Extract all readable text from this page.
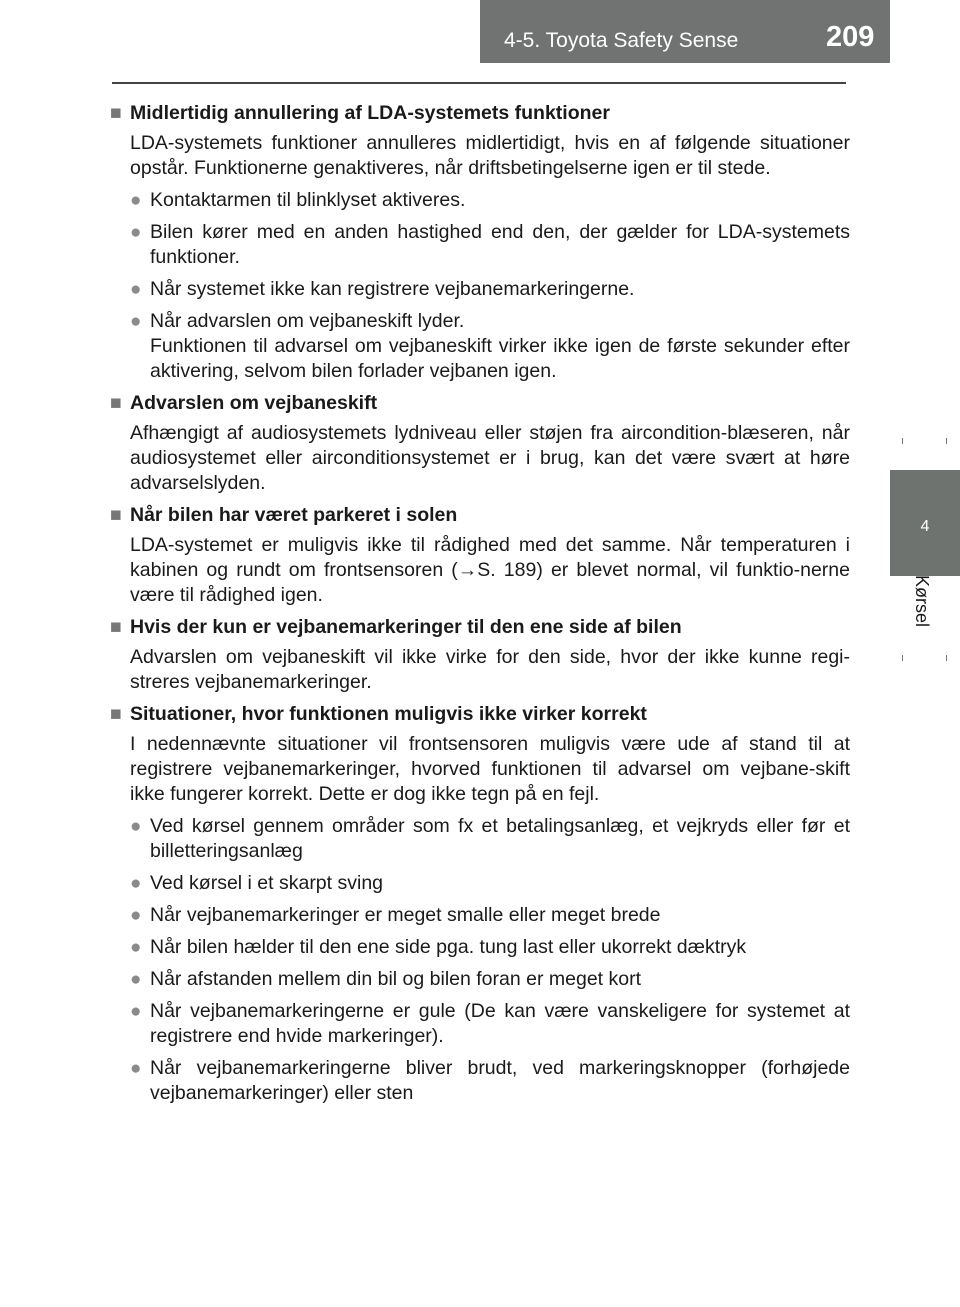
4-5. Toyota Safety Sense	209
4
Kørsel
■ Midlertidig annullering af LDA-systemets funktioner
LDA-systemets funktioner annulleres midlertidigt, hvis en af følgende situationer opstår. Funktionerne genaktiveres, når driftsbetingelserne igen er til stede.
● Kontaktarmen til blinklyset aktiveres.
● Bilen kører med en anden hastighed end den, der gælder for LDA-systemets funktioner.
● Når systemet ikke kan registrere vejbanemarkeringerne.
● Når advarslen om vejbaneskift lyder.
Funktionen til advarsel om vejbaneskift virker ikke igen de første sekunder efter aktivering, selvom bilen forlader vejbanen igen.
■ Advarslen om vejbaneskift
Afhængigt af audiosystemets lydniveau eller støjen fra aircondition-blæseren, når audiosystemet eller airconditionsystemet er i brug, kan det være svært at høre advarselslyden.
■ Når bilen har været parkeret i solen
LDA-systemet er muligvis ikke til rådighed med det samme. Når temperaturen i kabinen og rundt om frontsensoren (→S. 189) er blevet normal, vil funktio-nerne være til rådighed igen.
■ Hvis der kun er vejbanemarkeringer til den ene side af bilen
Advarslen om vejbaneskift vil ikke virke for den side, hvor der ikke kunne regi-streres vejbanemarkeringer.
■ Situationer, hvor funktionen muligvis ikke virker korrekt
I nedennævnte situationer vil frontsensoren muligvis være ude af stand til at registrere vejbanemarkeringer, hvorved funktionen til advarsel om vejbane-skift ikke fungerer korrekt. Dette er dog ikke tegn på en fejl.
● Ved kørsel gennem områder som fx et betalingsanlæg, et vejkryds eller før et billetteringsanlæg
● Ved kørsel i et skarpt sving
● Når vejbanemarkeringer er meget smalle eller meget brede
● Når bilen hælder til den ene side pga. tung last eller ukorrekt dæktryk
● Når afstanden mellem din bil og bilen foran er meget kort
● Når vejbanemarkeringerne er gule (De kan være vanskeligere for systemet at registrere end hvide markeringer).
● Når vejbanemarkeringerne bliver brudt, ved markeringsknopper (forhøjede vejbanemarkeringer) eller sten
